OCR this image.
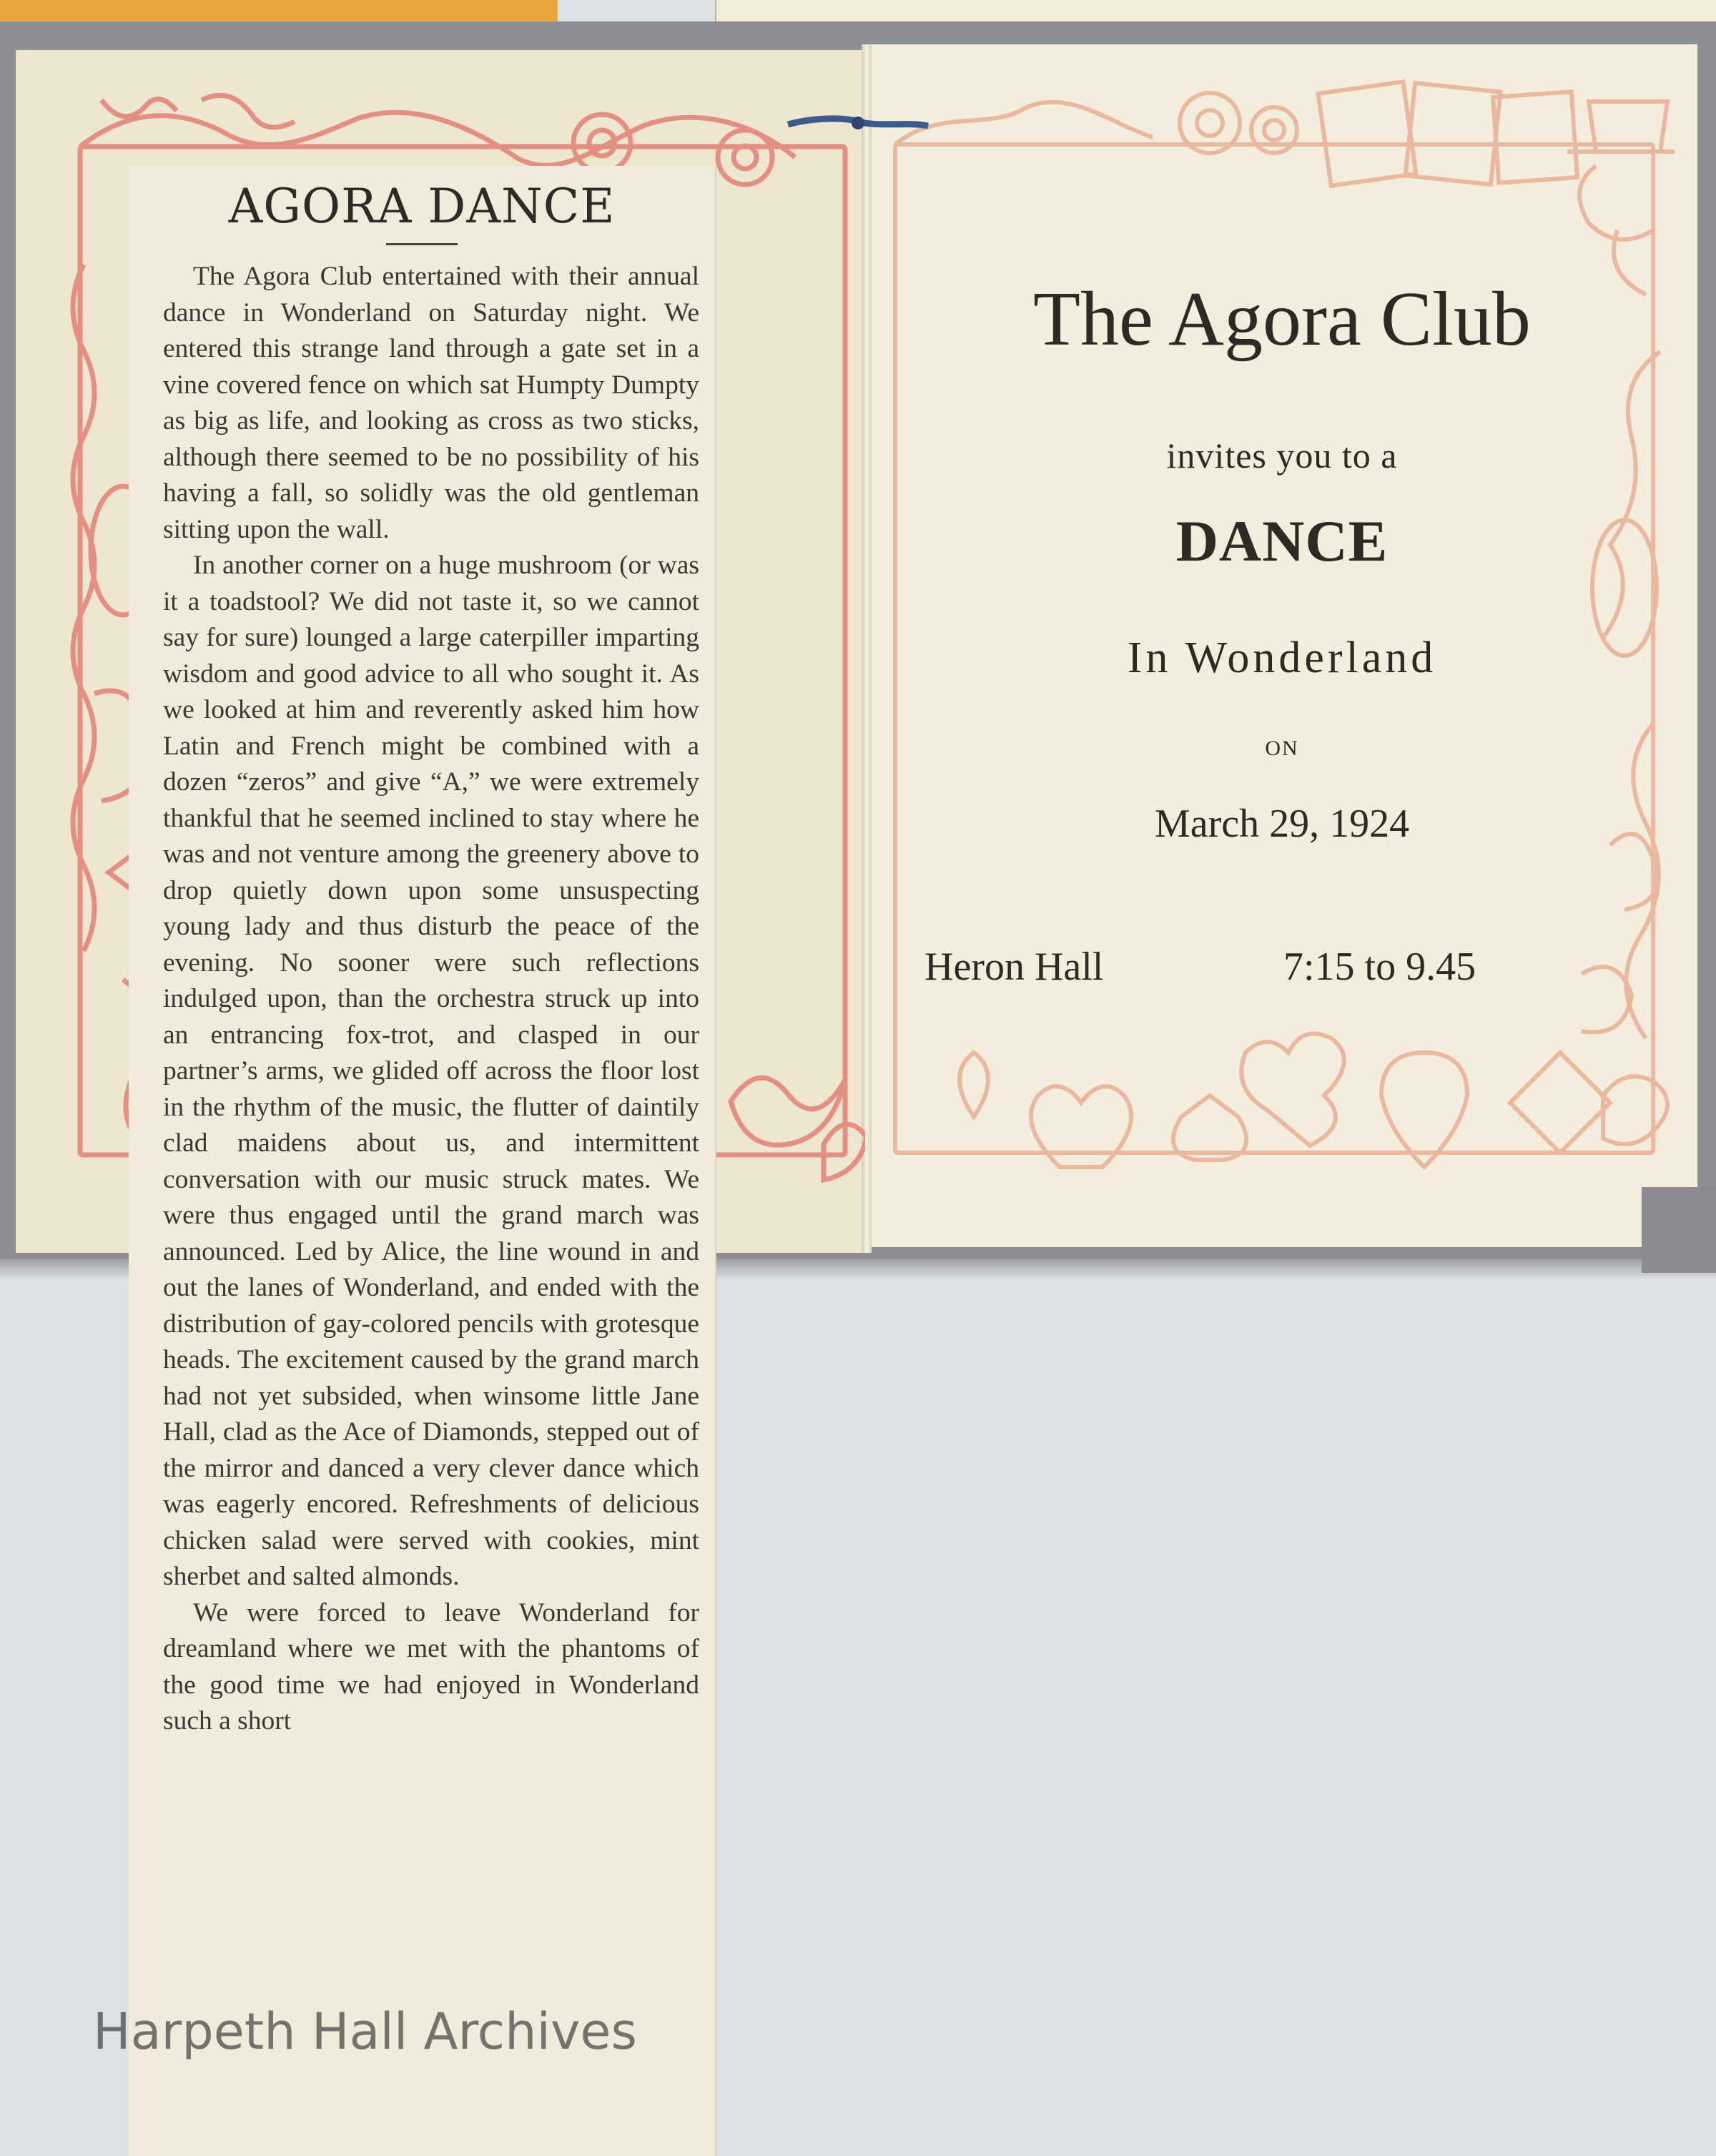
The Agora Club
invites you to a
DANCE
In Wonderland
ON
March 29, 1924
Heron Hall	7:15 to 9.45
AGORA DANCE

The Agora Club entertained with their annual dance in Wonderland on Saturday night. We entered this strange land through a gate set in a vine covered fence on which sat Humpty Dumpty as big as life, and looking as cross as two sticks, although there seemed to be no possibility of his having a fall, so solidly was the old gentleman sitting upon the wall.

In another corner on a huge mushroom (or was it a toadstool? We did not taste it, so we cannot say for sure) lounged a large caterpiller imparting wisdom and good advice to all who sought it. As we looked at him and reverently asked him how Latin and French might be combined with a dozen “zeros” and give “A,” we were extremely thankful that he seemed inclined to stay where he was and not venture among the greenery above to drop quietly down upon some unsuspecting young lady and thus disturb the peace of the evening. No sooner were such reflections indulged upon, than the orchestra struck up into an entrancing fox-trot, and clasped in our partner’s arms, we glided off across the floor lost in the rhythm of the music, the flutter of daintily clad maidens about us, and intermittent conversation with our music struck mates. We were thus engaged until the grand march was announced. Led by Alice, the line wound in and out the lanes of Wonderland, and ended with the distribution of gay-colored pencils with grotesque heads. The excitement caused by the grand march had not yet subsided, when winsome little Jane Hall, clad as the Ace of Diamonds, stepped out of the mirror and danced a very clever dance which was eagerly encored. Refreshments of delicious chicken salad were served with cookies, mint sherbet and salted almonds.

We were forced to leave Wonderland for dreamland where we met with the phantoms of the good time we had enjoyed in Wonderland such a short

Harpeth Hall Archives
